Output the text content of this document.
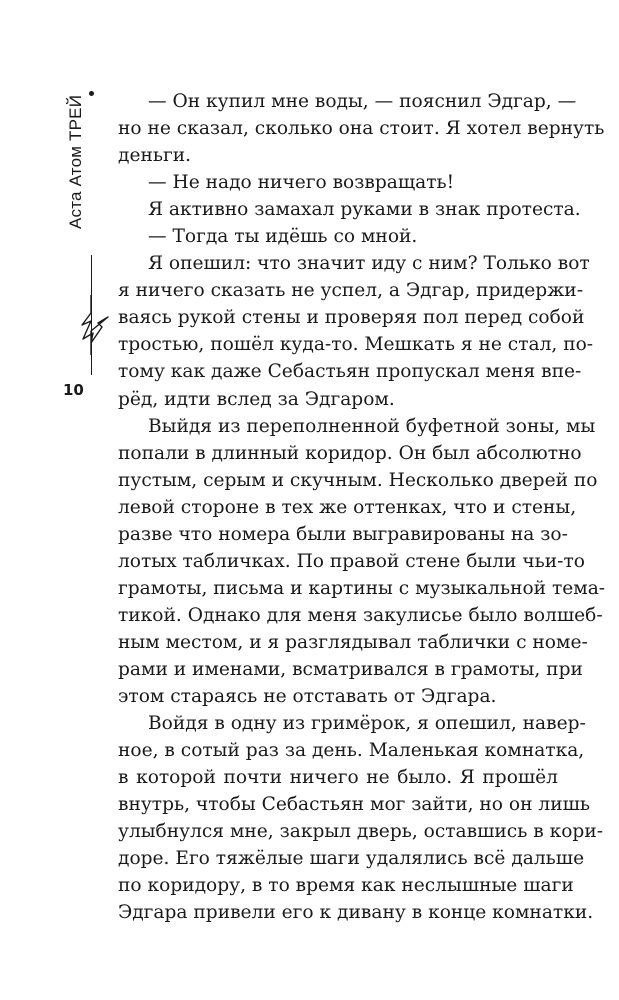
Аста Атом ТРЕЙ
10
— Он купил мне воды, — пояснил Эдгар, —
но не сказал, сколько она стоит. Я хотел вернуть
деньги.
— Не надо ничего возвращать!
Я активно замахал руками в знак протеста.
— Тогда ты идёшь со мной.
Я опешил: что значит иду с ним? Только вот
я ничего сказать не успел, а Эдгар, придержи-
ваясь рукой стены и проверяя пол перед собой
тростью, пошёл куда-то. Мешкать я не стал, по-
тому как даже Себастьян пропускал меня впе-
рёд, идти вслед за Эдгаром.
Выйдя из переполненной буфетной зоны, мы
попали в длинный коридор. Он был абсолютно
пустым, серым и скучным. Несколько дверей по
левой стороне в тех же оттенках, что и стены,
разве что номера были выгравированы на зо-
лотых табличках. По правой стене были чьи-то
грамоты, письма и картины с музыкальной тема-
тикой. Однако для меня закулисье было волшеб-
ным местом, и я разглядывал таблички с номе-
рами и именами, всматривался в грамоты, при
этом стараясь не отставать от Эдгара.
Войдя в одну из гримёрок, я опешил, навер-
ное, в сотый раз за день. Маленькая комнатка,
в которой почти ничего не было. Я прошёл
внутрь, чтобы Себастьян мог зайти, но он лишь
улыбнулся мне, закрыл дверь, оставшись в кори-
доре. Его тяжёлые шаги удалялись всё дальше
по коридору, в то время как неслышные шаги
Эдгара привели его к дивану в конце комнатки.
